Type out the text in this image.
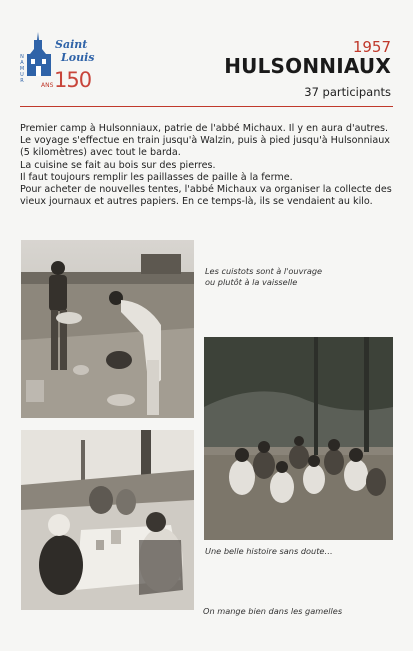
Saint
Louis
NAMUR
ANS 150
1957
HULSONNIAUX
37 participants

Premier camp à Hulsonniaux, patrie de l'abbé Michaux. Il y en aura d'autres.

Le voyage s'effectue en train jusqu'à Walzin, puis à pied jusqu'à Hulsonniaux (5 kilomètres) avec tout le barda.

La cuisine se fait au bois sur des pierres.

Il faut toujours remplir les paillasses de paille à la ferme.

Pour acheter de nouvelles tentes, l'abbé Michaux va organiser la collecte des vieux journaux et autres papiers. En ce temps-là, ils se vendaient au kilo.

Les cuistots sont à l'ouvrage
ou plutôt à la vaisselle
Une belle histoire sans doute…
On mange bien dans les gamelles
